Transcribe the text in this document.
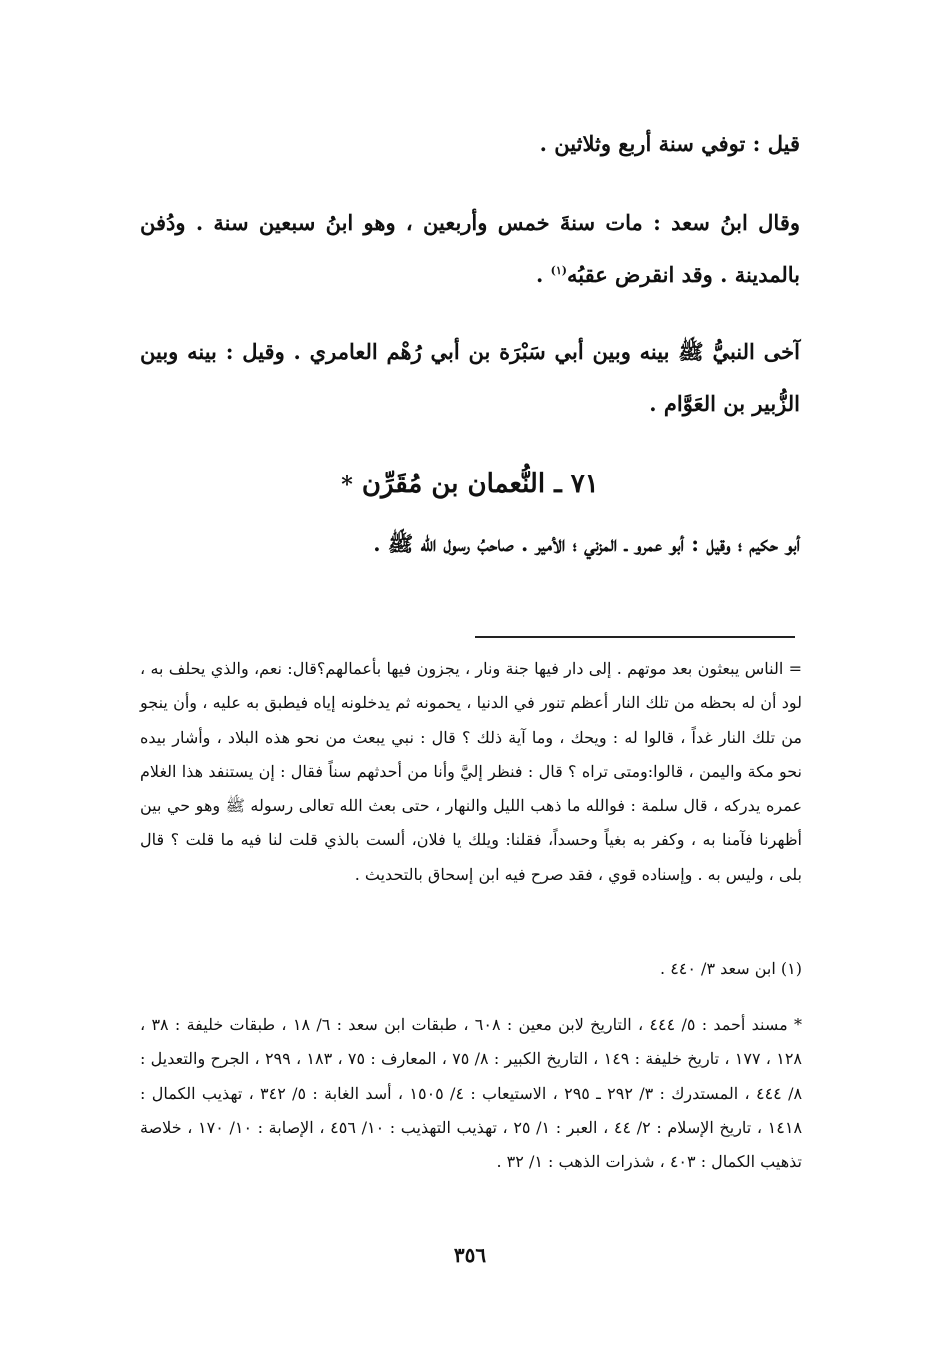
قيل : توفي سنة أربع وثلاثين .

وقال ابنُ سعد : مات سنةَ خمس وأربعين ، وهو ابنُ سبعين سنة . ودُفن بالمدينة . وقد انقرض عقبُه$^{(١)}$ .

آخى النبيُّ ﷺ بينه وبين أبي سَبْرَة بن أبي رُهْم العامري . وقيل : بينه وبين الزُّبير بن العَوَّام .

٧١ ـ النُّعمان بن مُقَرِّن *

أبو حكيم ؛ وقيل : أبو عمرو ـ المزني ؛ الأمير . صاحبُ رسول الله ﷺ .

= الناس يبعثون بعد موتهم . إلى دار فيها جنة ونار ، يجزون فيها بأعمالهم؟قال: نعم، والذي يحلف به ، لود أن له بحظه من تلك النار أعظم تنور في الدنيا ، يحمونه ثم يدخلونه إياه فيطبق به عليه ، وأن ينجو من تلك النار غداً ، قالوا له : ويحك ، وما آية ذلك ؟ قال : نبي يبعث من نحو هذه البلاد ، وأشار بيده نحو مكة واليمن ، قالوا:ومتى تراه ؟ قال : فنظر إليَّ وأنا من أحدثهم سناً فقال : إن يستنفد هذا الغلام عمره يدركه ، قال سلمة : فوالله ما ذهب الليل والنهار ، حتى بعث الله تعالى رسوله ﷺ وهو حي بين أظهرنا فآمنا به ، وكفر به بغياً وحسداً، فقلنا: ويلك يا فلان، ألست بالذي قلت لنا فيه ما قلت ؟ قال بلى ، وليس به . وإسناده قوي ، فقد صرح فيه ابن إسحاق بالتحديث .

(١) ابن سعد ٣/ ٤٤٠ .

* مسند أحمد : ٥/ ٤٤٤ ، التاريخ لابن معين : ٦٠٨ ، طبقات ابن سعد : ٦/ ١٨ ، طبقات خليفة : ٣٨ ، ١٢٨ ، ١٧٧ ، تاريخ خليفة : ١٤٩ ، التاريخ الكبير : ٨/ ٧٥ ، المعارف : ٧٥ ، ١٨٣ ، ٢٩٩ ، الجرح والتعديل : ٨/ ٤٤٤ ، المستدرك : ٣/ ٢٩٢ ـ ٢٩٥ ، الاستيعاب : ٤/ ١٥٠٥ ، أسد الغابة : ٥/ ٣٤٢ ، تهذيب الكمال : ١٤١٨ ، تاريخ الإسلام : ٢/ ٤٤ ، العبر : ١/ ٢٥ ، تهذيب التهذيب : ١٠/ ٤٥٦ ، الإصابة : ١٠/ ١٧٠ ، خلاصة تذهيب الكمال : ٤٠٣ ، شذرات الذهب : ١/ ٣٢ .

٣٥٦
